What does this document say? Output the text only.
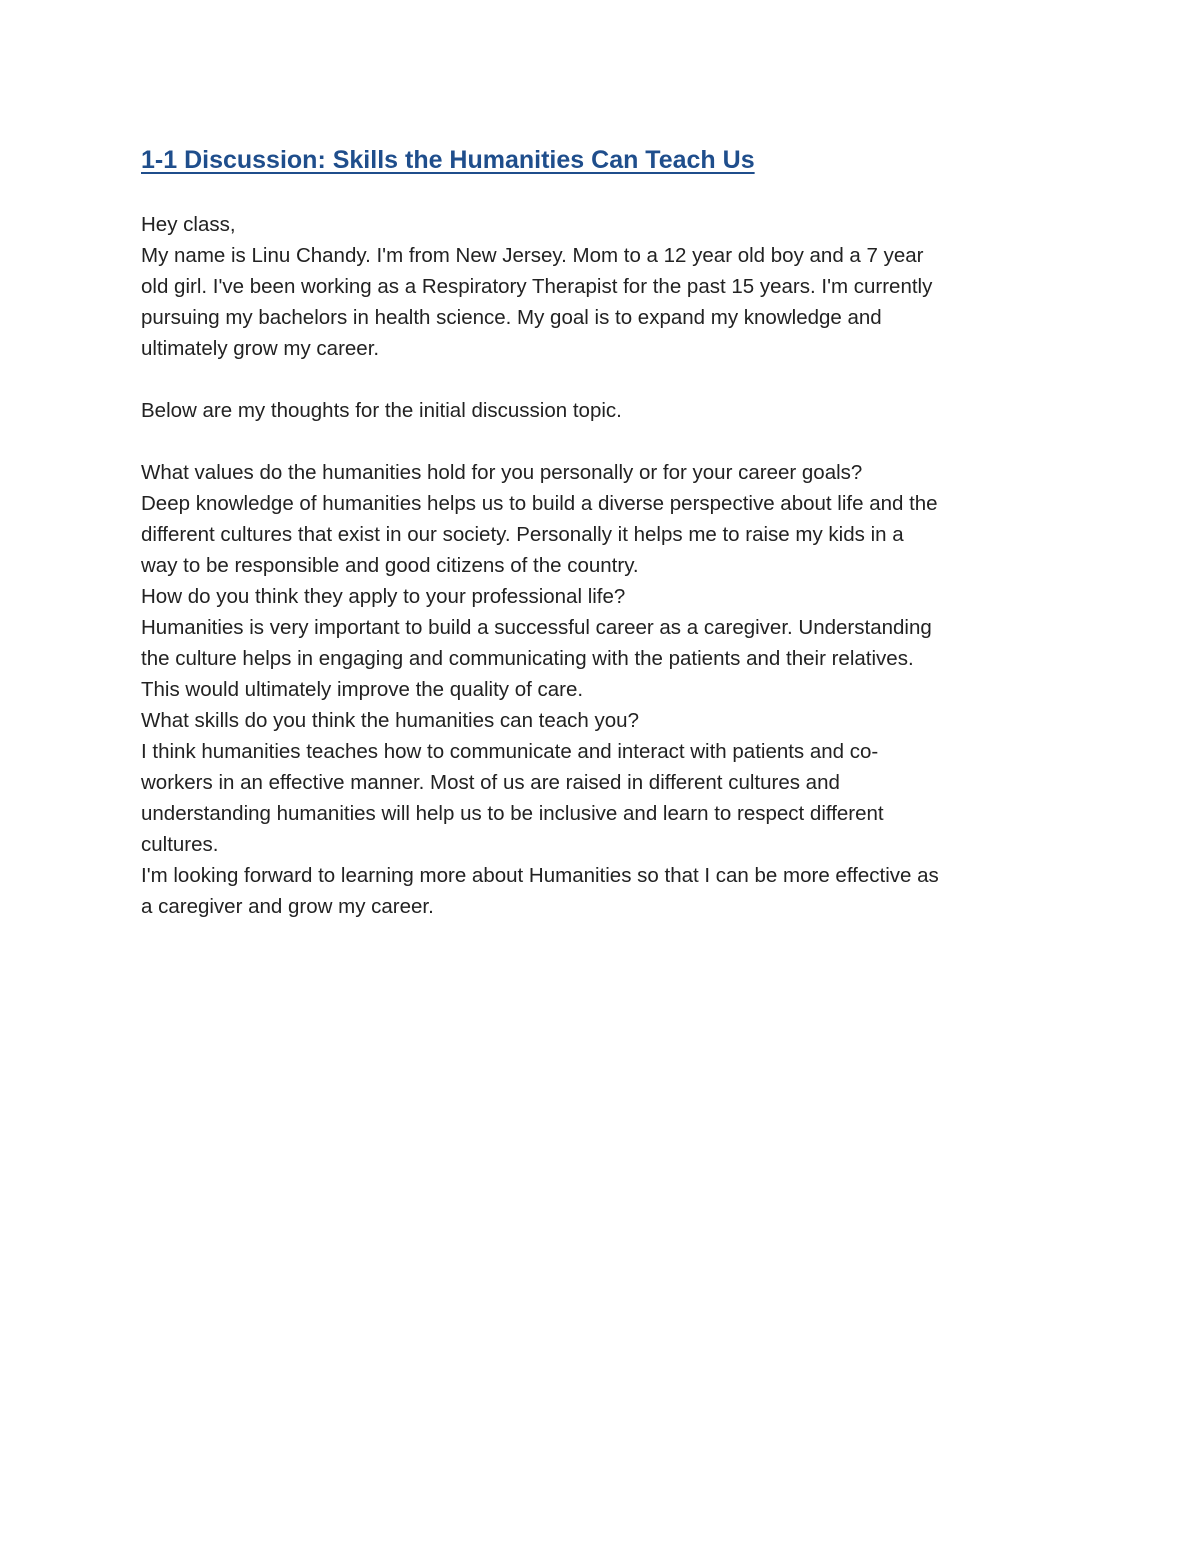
1-1 Discussion: Skills the Humanities Can Teach Us
Hey class,
My name is Linu Chandy. I'm from New Jersey. Mom to a 12 year old boy and a 7 year
old girl. I've been working as a Respiratory Therapist for the past 15 years. I'm currently
pursuing my bachelors in health science. My goal is to expand my knowledge and
ultimately grow my career.
Below are my thoughts for the initial discussion topic.
What values do the humanities hold for you personally or for your career goals?
Deep knowledge of humanities helps us to build a diverse perspective about life and the
different cultures that exist in our society. Personally it helps me to raise my kids in a
way to be responsible and good citizens of the country.
How do you think they apply to your professional life?
Humanities is very important to build a successful career as a caregiver. Understanding
the culture helps in engaging and communicating with the patients and their relatives.
This would ultimately improve the quality of care.
What skills do you think the humanities can teach you?
I think humanities teaches how to communicate and interact with patients and co-
workers in an effective manner. Most of us are raised in different cultures and
understanding humanities will help us to be inclusive and learn to respect different
cultures.
I'm looking forward to learning more about Humanities so that I can be more effective as
a caregiver and grow my career.
